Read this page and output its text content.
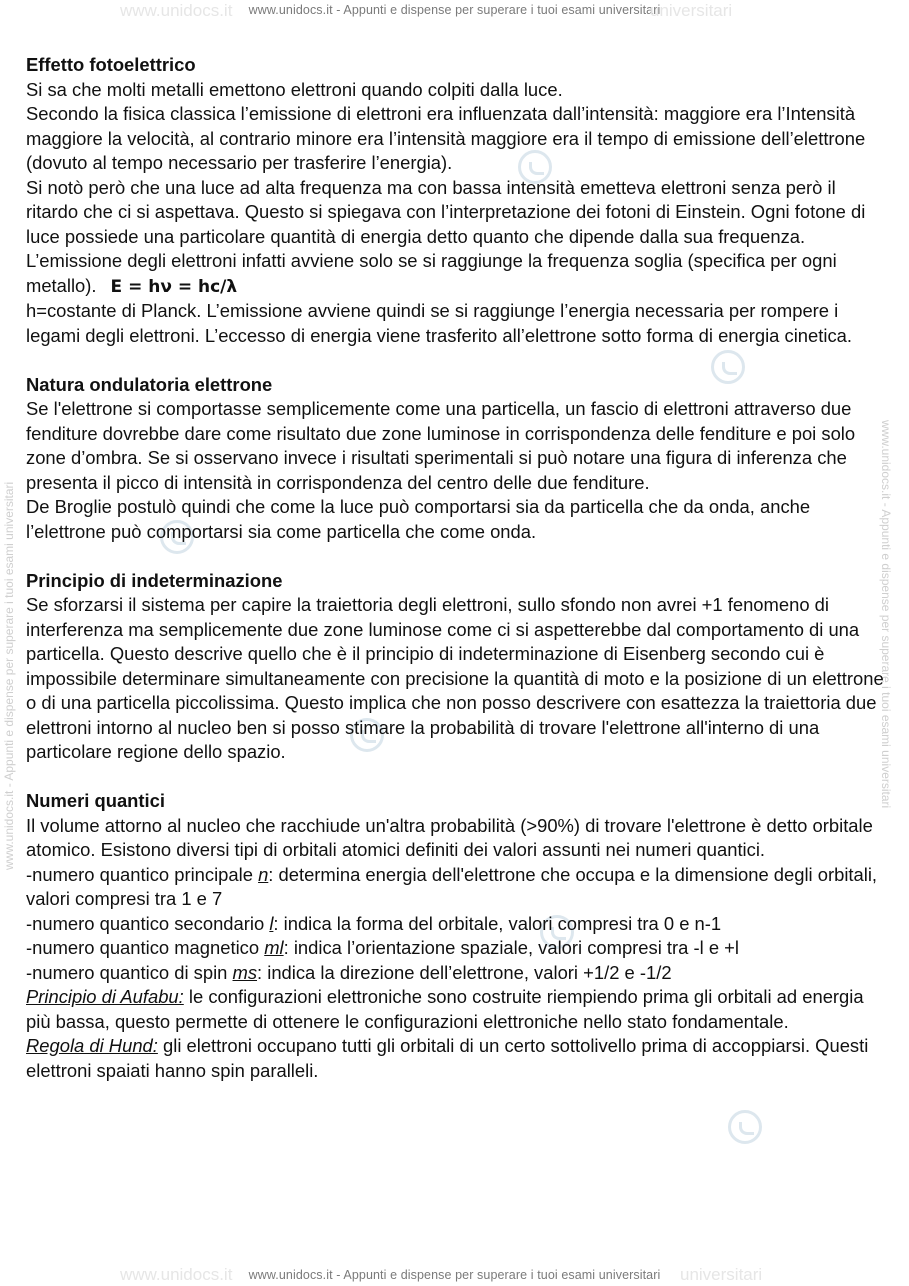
www.unidocs.it - Appunti e dispense per superare i tuoi esami universitari
www.unidocs.it - Appunti e dispense per superare i tuoi esami universitari
www.unidocs.it	universitari
www.unidocs.it	universitari
www.unidocs.it - Appunti e dispense per superare i tuoi esami universitari	www.unidocs.it - Appunti e dispense per superare i tuoi esami universitari
Effetto fotoelettrico

Si sa che molti metalli emettono elettroni quando colpiti dalla luce.

Secondo la fisica classica l’emissione di elettroni era influenzata dall’intensità: maggiore era l’Intensità maggiore la velocità, al contrario minore era l’intensità maggiore era il tempo di emissione dell’elettrone (dovuto al tempo necessario per trasferire l’energia).

Si notò però che una luce ad alta frequenza ma con bassa intensità emetteva elettroni senza però il ritardo che ci si aspettava. Questo si spiegava con l’interpretazione dei fotoni di Einstein. Ogni fotone di luce possiede una particolare quantità di energia detto quanto che dipende dalla sua frequenza. L’emissione degli elettroni infatti avviene solo se si raggiunge la frequenza soglia (specifica per ogni metallo). E = hν = hc/λ

h=costante di Planck. L’emissione avviene quindi se si raggiunge l’energia necessaria per rompere i legami degli elettroni. L’eccesso di energia viene trasferito all’elettrone sotto forma di energia cinetica.

Natura ondulatoria elettrone

Se l'elettrone si comportasse semplicemente come una particella, un fascio di elettroni attraverso due fenditure dovrebbe dare come risultato due zone luminose in corrispondenza delle fenditure e poi solo zone d’ombra. Se si osservano invece i risultati sperimentali si può notare una figura di inferenza che presenta il picco di intensità in corrispondenza del centro delle due fenditure.

De Broglie postulò quindi che come la luce può comportarsi sia da particella che da onda, anche l’elettrone può comportarsi sia come particella che come onda.

Principio di indeterminazione

Se sforzarsi il sistema per capire la traiettoria degli elettroni, sullo sfondo non avrei +1 fenomeno di interferenza ma semplicemente due zone luminose come ci si aspetterebbe dal comportamento di una particella. Questo descrive quello che è il principio di indeterminazione di Eisenberg secondo cui è impossibile determinare simultaneamente con precisione la quantità di moto e la posizione di un elettrone o di una particella piccolissima. Questo implica che non posso descrivere con esattezza la traiettoria due elettroni intorno al nucleo ben si posso stimare la probabilità di trovare l'elettrone all'interno di una particolare regione dello spazio.

Numeri quantici

Il volume attorno al nucleo che racchiude un'altra probabilità (>90%) di trovare l'elettrone è detto orbitale atomico. Esistono diversi tipi di orbitali atomici definiti dei valori assunti nei numeri quantici.

-numero quantico principale n: determina energia dell'elettrone che occupa e la dimensione degli orbitali, valori compresi tra 1 e 7

-numero quantico secondario l: indica la forma del orbitale, valori compresi tra 0 e n-1

-numero quantico magnetico ml: indica l’orientazione spaziale, valori compresi tra -l e +l

-numero quantico di spin ms: indica la direzione dell’elettrone, valori +1/2 e -1/2

Principio di Aufabu: le configurazioni elettroniche sono costruite riempiendo prima gli orbitali ad energia più bassa, questo permette di ottenere le configurazioni elettroniche nello stato fondamentale.

Regola di Hund: gli elettroni occupano tutti gli orbitali di un certo sottolivello prima di accoppiarsi. Questi elettroni spaiati hanno spin paralleli.
